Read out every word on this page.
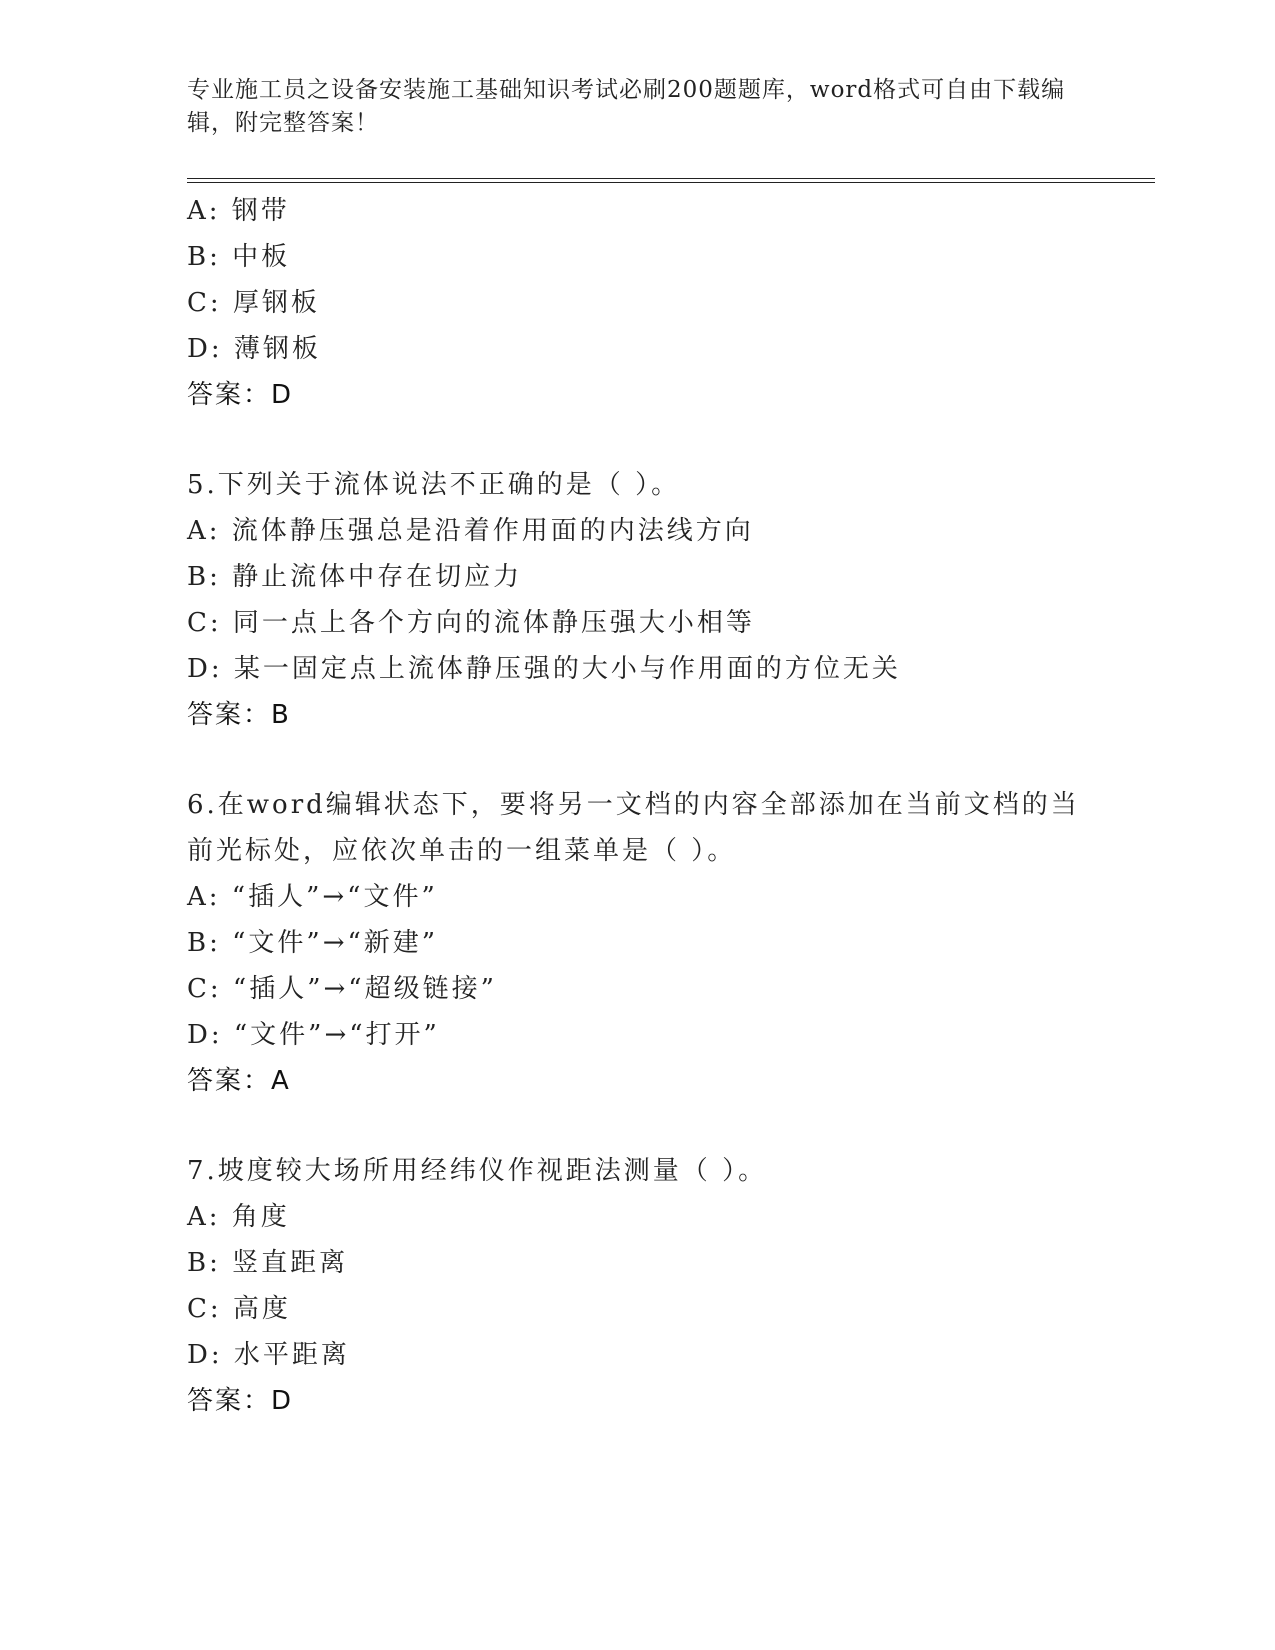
专业施工员之设备安装施工基础知识考试必刷200题题库，word格式可自由下载编辑，附完整答案！
A: 钢带
B: 中板
C: 厚钢板
D: 薄钢板
答案：D
5.下列关于流体说法不正确的是（ ）。
A: 流体静压强总是沿着作用面的内法线方向
B: 静止流体中存在切应力
C: 同一点上各个方向的流体静压强大小相等
D: 某一固定点上流体静压强的大小与作用面的方位无关
答案：B
6.在word编辑状态下，要将另一文档的内容全部添加在当前文档的当前光标处，应依次单击的一组菜单是（ ）。
A: “插人”→“文件”
B: “文件”→“新建”
C: “插人”→“超级链接”
D: “文件”→“打开”
答案：A
7.坡度较大场所用经纬仪作视距法测量（ ）。
A: 角度
B: 竖直距离
C: 高度
D: 水平距离
答案：D
